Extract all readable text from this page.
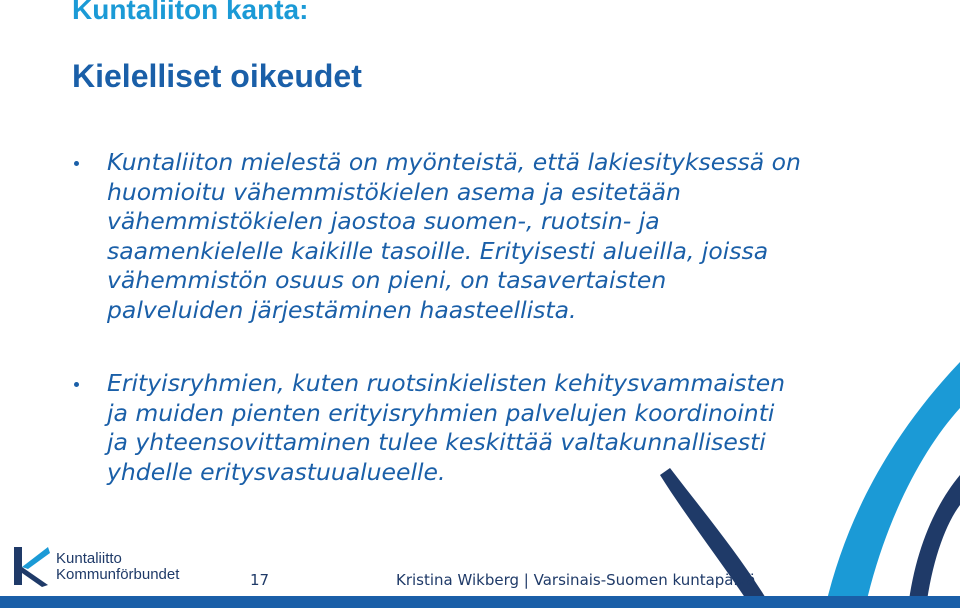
Kuntaliiton kanta:
Kielelliset oikeudet
Kuntaliiton mielestä on myönteistä, että lakiesityksessä on
huomioitu vähemmistökielen asema ja esitetään
vähemmistökielen jaostoa suomen-, ruotsin- ja
saamenkielelle kaikille tasoille. Erityisesti alueilla, joissa
vähemmistön osuus on pieni, on tasavertaisten
palveluiden järjestäminen haasteellista.
Erityisryhmien, kuten ruotsinkielisten kehitysvammaisten
ja muiden pienten erityisryhmien palvelujen koordinointi
ja yhteensovittaminen tulee keskittää valtakunnallisesti
yhdelle eritysvastuualueelle.
Kuntaliitto
Kommunförbundet	17	Kristina Wikberg | Varsinais-Suomen kuntapäivä
